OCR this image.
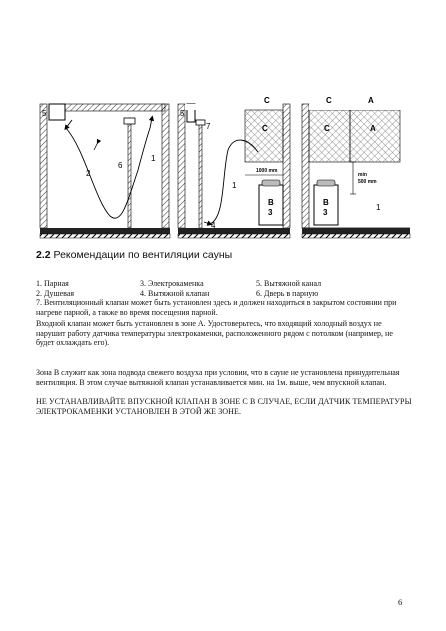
5
2
6
1
5
7
C
C
1000 mm
1
B
3
4
C	A
C	A
min
500 mm
B
3
1
2.2 Рекомендации по вентиляции сауны
1. Парная	3. Электрокаменка	5. Вытяжной канал
2. Душевая	4. Вытяжной клапан	6. Дверь в парную
7. Вентиляционный клапан может быть установлен здесь и должен находиться в закрытом состоянии при нагреве парной, а также во время посещения парной.
Входной клапан может быть установлен в зоне А. Удостоверьтесь, что входящий холодный воздух не нарушит работу датчика температуры электрокаменки, расположенного рядом с потолком (например, не будет охлаждать его).
Зона В служит как зона подвода свежего воздуха при условии, что в сауне не установлена принудительная вентиляция. В этом случае вытяжной клапан устанавливается мин. на 1м. выше, чем впускной клапан.
НЕ УСТАНАВЛИВАЙТЕ ВПУСКНОЙ КЛАПАН В ЗОНЕ С В СЛУЧАЕ, ЕСЛИ ДАТЧИК ТЕМПЕРАТУРЫ ЭЛЕКТРОКАМЕНКИ УСТАНОВЛЕН В ЭТОЙ ЖЕ ЗОНЕ.
6
